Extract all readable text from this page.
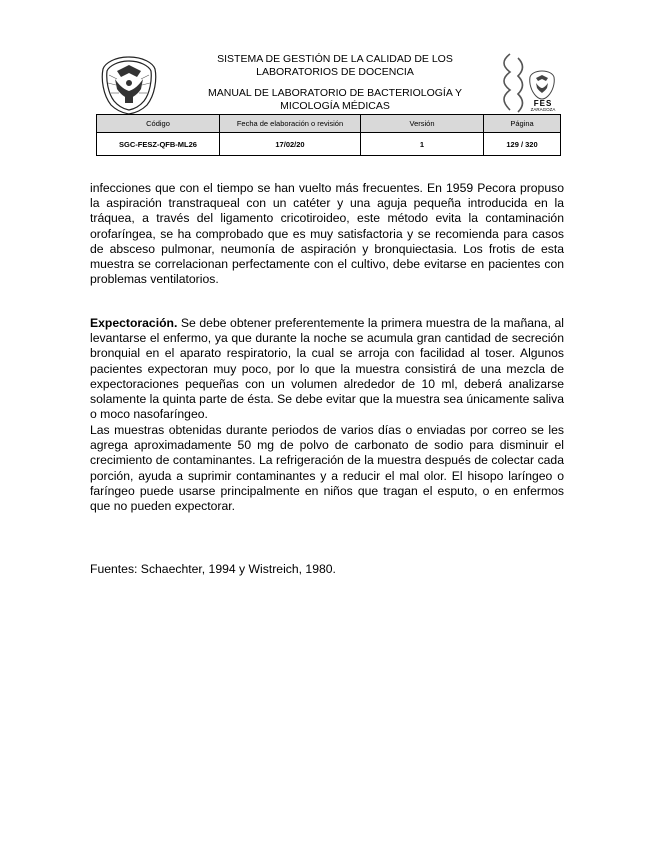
SISTEMA DE GESTIÓN DE LA CALIDAD DE LOS LABORATORIOS DE DOCENCIA
MANUAL DE LABORATORIO DE BACTERIOLOGÍA Y MICOLOGÍA MÉDICAS	FES
ZARAGOZA
Código	Fecha de elaboración o revisión	Versión	Página
SGC-FESZ-QFB-ML26	17/02/20	1	129 / 320

infecciones que con el tiempo se han vuelto más frecuentes. En 1959 Pecora propuso la aspiración transtraqueal con un catéter y una aguja pequeña introducida en la tráquea, a través del ligamento cricotiroideo, este método evita la contaminación orofaríngea, se ha comprobado que es muy satisfactoria y se recomienda para casos de absceso pulmonar, neumonía de aspiración y bronquiectasia. Los frotis de esta muestra se correlacionan perfectamente con el cultivo, debe evitarse en pacientes con problemas ventilatorios.

Expectoración. Se debe obtener preferentemente la primera muestra de la mañana, al levantarse el enfermo, ya que durante la noche se acumula gran cantidad de secreción bronquial en el aparato respiratorio, la cual se arroja con facilidad al toser. Algunos pacientes expectoran muy poco, por lo que la muestra consistirá de una mezcla de expectoraciones pequeñas con un volumen alrededor de 10 ml, deberá analizarse solamente la quinta parte de ésta. Se debe evitar que la muestra sea únicamente saliva o moco nasofaríngeo.

Las muestras obtenidas durante periodos de varios días o enviadas por correo se les agrega aproximadamente 50 mg de polvo de carbonato de sodio para disminuir el crecimiento de contaminantes. La refrigeración de la muestra después de colectar cada porción, ayuda a suprimir contaminantes y a reducir el mal olor. El hisopo laríngeo o faríngeo puede usarse principalmente en niños que tragan el esputo, o en enfermos que no pueden expectorar.

Fuentes: Schaechter, 1994 y Wistreich, 1980.
